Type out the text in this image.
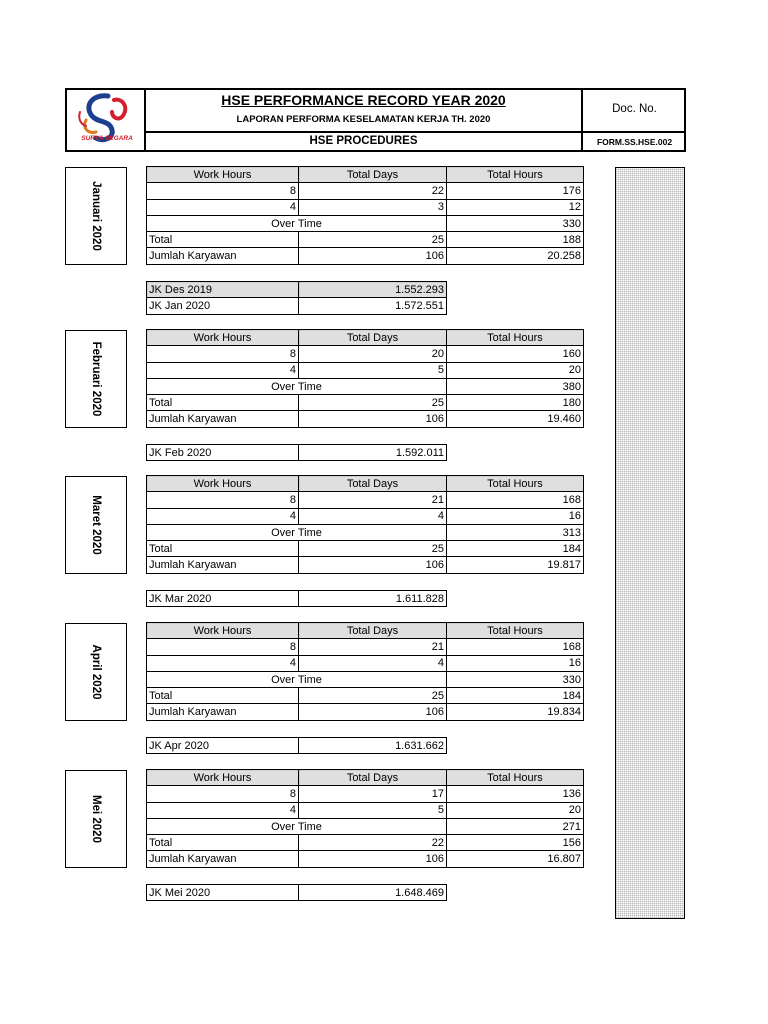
SURYA SEGARA
HSE PERFORMANCE RECORD YEAR 2020
LAPORAN PERFORMA KESELAMATAN KERJA TH. 2020
HSE PROCEDURES
Doc. No.
FORM.SS.HSE.002
Januari 2020
Work Hours	Total Days	Total Hours
8	22	176
4	3	12
Over Time		330
Total	25	188
Jumlah Karyawan	106	20.258
JK Des 2019	1.552.293
JK Jan 2020	1.572.551
Februari 2020
Work Hours	Total Days	Total Hours
8	20	160
4	5	20
Over Time		380
Total	25	180
Jumlah Karyawan	106	19.460
JK Feb 2020	1.592.011
Maret 2020
Work Hours	Total Days	Total Hours
8	21	168
4	4	16
Over Time		313
Total	25	184
Jumlah Karyawan	106	19.817
JK Mar 2020	1.611.828
April 2020
Work Hours	Total Days	Total Hours
8	21	168
4	4	16
Over Time		330
Total	25	184
Jumlah Karyawan	106	19.834
JK Apr 2020	1.631.662
Mei 2020
Work Hours	Total Days	Total Hours
8	17	136
4	5	20
Over Time		271
Total	22	156
Jumlah Karyawan	106	16.807
JK Mei 2020	1.648.469
